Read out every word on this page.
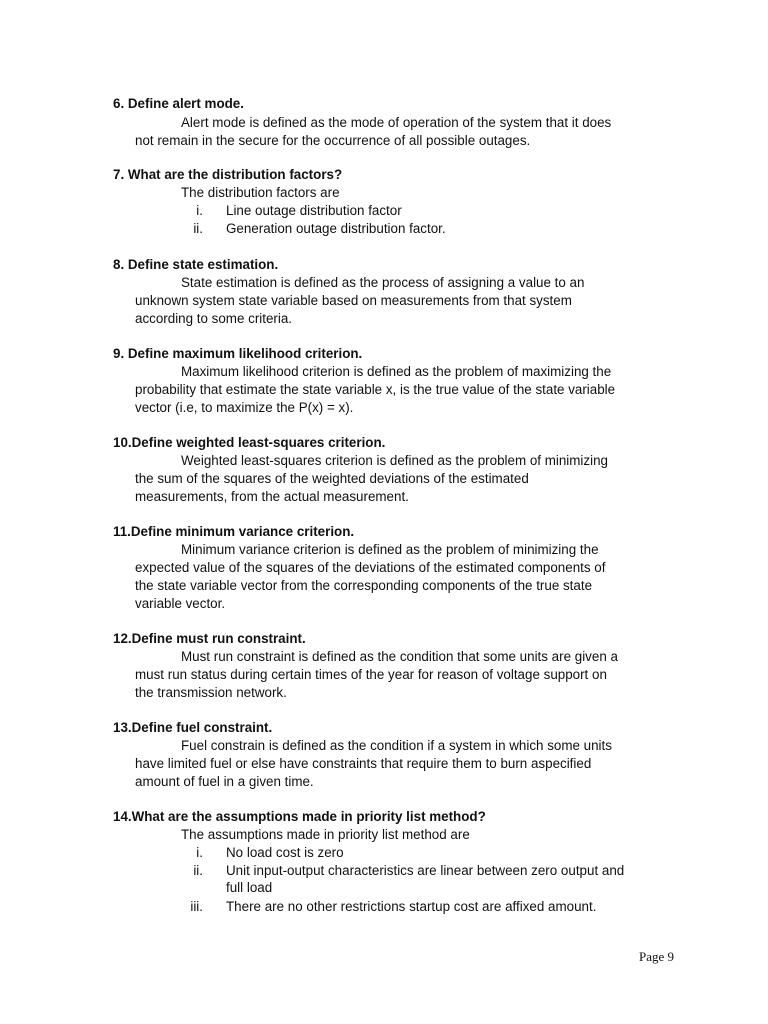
6. Define alert mode.
Alert mode is defined as the mode of operation of the system that it does
not remain in the secure for the occurrence of all possible outages.
7. What are the distribution factors?
The distribution factors are
i. Line outage distribution factor
ii. Generation outage distribution factor.
8. Define state estimation.
State estimation is defined as the process of assigning a value to an
unknown system state variable based on measurements from that system
according to some criteria.
9. Define maximum likelihood criterion.
Maximum likelihood criterion is defined as the problem of maximizing the
probability that estimate the state variable x, is the true value of the state variable
vector (i.e, to maximize the P(x) = x).
10.Define weighted least-squares criterion.
Weighted least-squares criterion is defined as the problem of minimizing
the sum of the squares of the weighted deviations of the estimated
measurements, from the actual measurement.
11.Define minimum variance criterion.
Minimum variance criterion is defined as the problem of minimizing the
expected value of the squares of the deviations of the estimated components of
the state variable vector from the corresponding components of the true state
variable vector.
12.Define must run constraint.
Must run constraint is defined as the condition that some units are given a
must run status during certain times of the year for reason of voltage support on
the transmission network.
13.Define fuel constraint.
Fuel constrain is defined as the condition if a system in which some units
have limited fuel or else have constraints that require them to burn aspecified
amount of fuel in a given time.
14.What are the assumptions made in priority list method?
The assumptions made in priority list method are
i. No load cost is zero
ii. Unit input-output characteristics are linear between zero output and
full load
iii. There are no other restrictions startup cost are affixed amount.
Page 9
